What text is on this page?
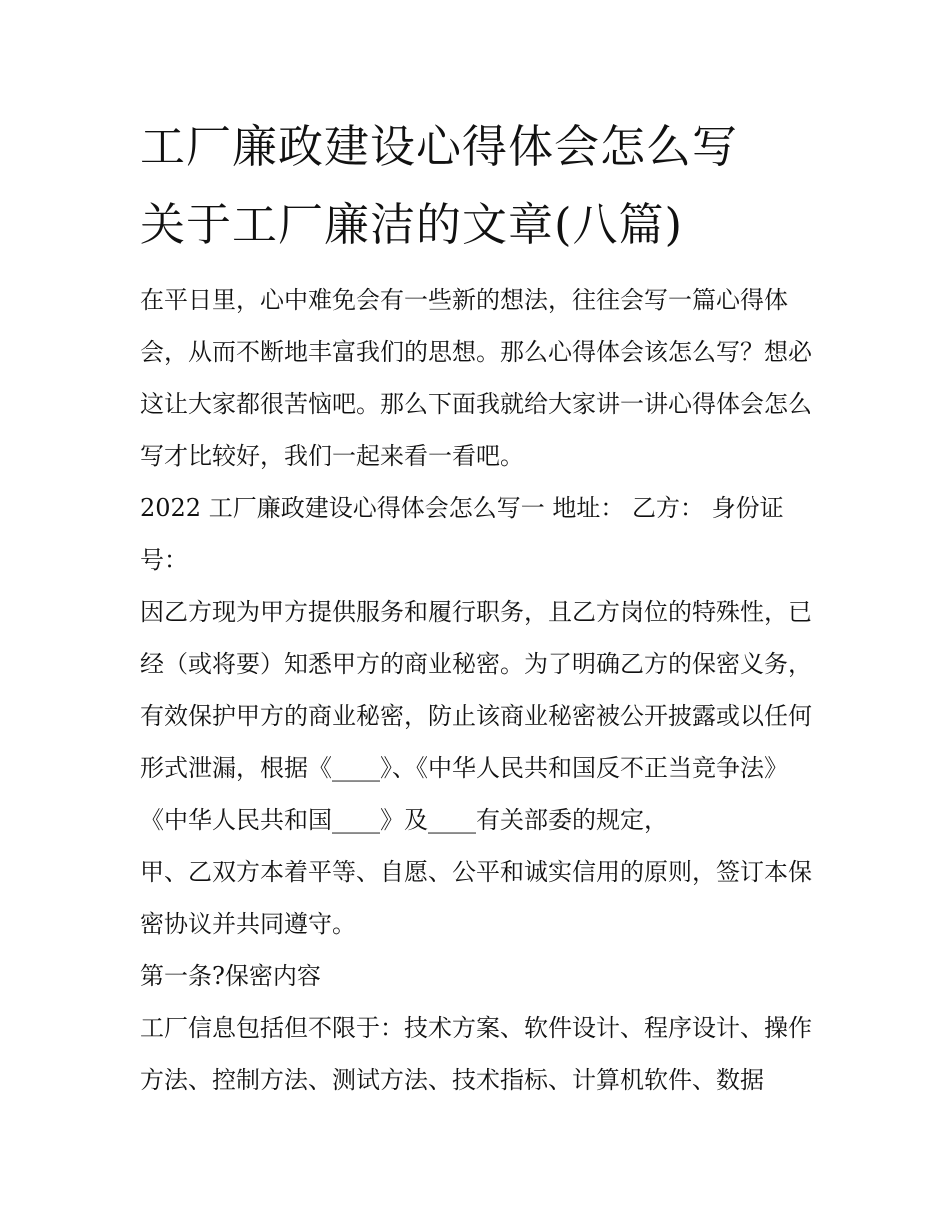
工厂廉政建设心得体会怎么写
关于工厂廉洁的文章(八篇)

在平日里，心中难免会有一些新的想法，往往会写一篇心得体会，从而不断地丰富我们的思想。那么心得体会该怎么写？想必这让大家都很苦恼吧。那么下面我就给大家讲一讲心得体会怎么写才比较好，我们一起来看一看吧。

2022 工厂廉政建设心得体会怎么写一 地址： 乙方： 身份证号：

因乙方现为甲方提供服务和履行职务，且乙方岗位的特殊性，已经（或将要）知悉甲方的商业秘密。为了明确乙方的保密义务，有效保护甲方的商业秘密，防止该商业秘密被公开披露或以任何形式泄漏，根据《____》、《中华人民共和国反不正当竞争法》《中华人民共和国____》及____有关部委的规定，

甲、乙双方本着平等、自愿、公平和诚实信用的原则，签订本保密协议并共同遵守。

第一条?保密内容

工厂信息包括但不限于：技术方案、软件设计、程序设计、操作方法、控制方法、测试方法、技术指标、计算机软件、数据
